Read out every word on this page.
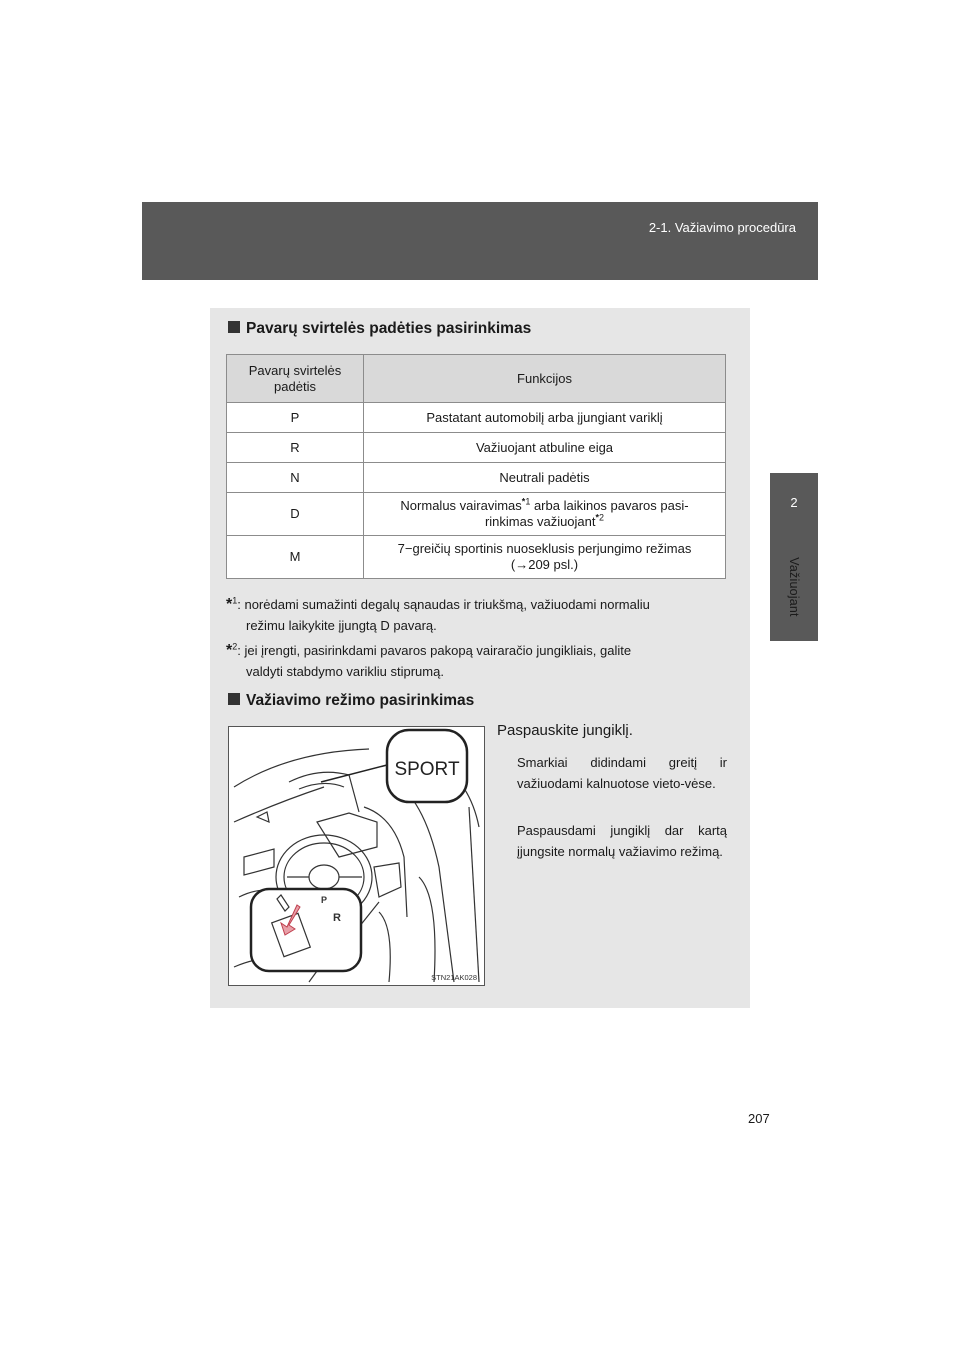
2-1. Važiavimo procedūra
2
Važiuojant
Pavarų svirtelės padėties pasirinkimas
Pavarų svirtelės padėtis	Funkcijos
P	Pastatant automobilį arba įjungiant variklį
R	Važiuojant atbuline eiga
N	Neutrali padėtis
D	Normalus vairavimas$^{*1}$ arba laikinos pavaros pasi-
rinkimas važiuojant$^{*2}$
M	7−greičių sportinis nuoseklusis perjungimo režimas
(→209 psl.)
*$^1$: norėdami sumažinti degalų sąnaudas ir triukšmą, važiuodami normaliu
režimu laikykite įjungtą D pavarą.
*$^2$: jei įrengti, pasirinkdami pavaros pakopą vairaračio jungikliais, galite
valdyti stabdymo varikliu stiprumą.
Važiavimo režimo pasirinkimas
P
R
SPORT
STN21AK028
Paspauskite jungiklį.
Smarkiai didindami greitį ir važiuodami kalnuotose vieto-vėse.
Paspausdami jungiklį dar kartą įjungsite normalų važiavimo režimą.
207
